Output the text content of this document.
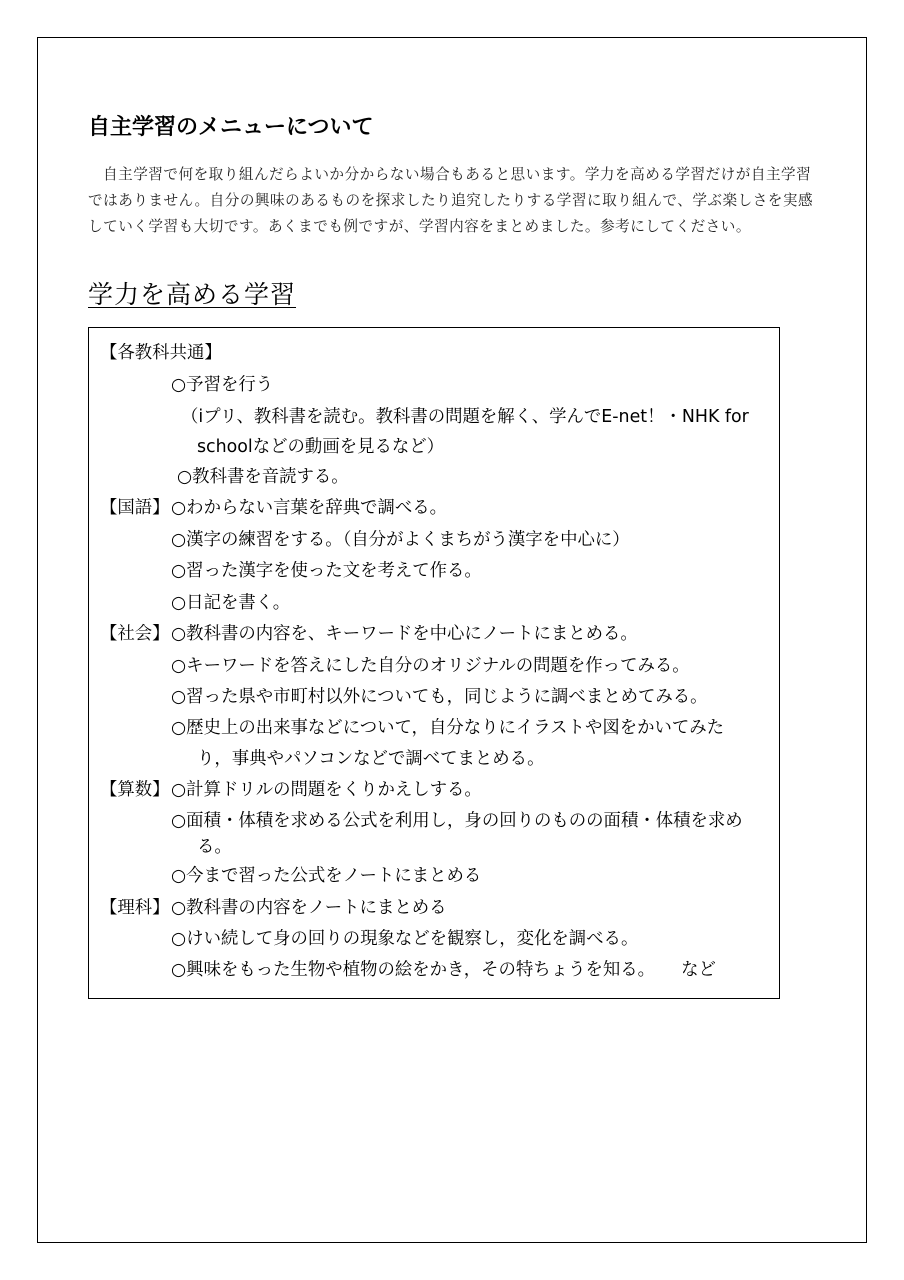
自主学習のメニューについて

自主学習で何を取り組んだらよいか分からない場合もあると思います。学力を高める学習だけが自主学習ではありません。自分の興味のあるものを探求したり追究したりする学習に取り組んで、学ぶ楽しさを実感していく学習も大切です。あくまでも例ですが、学習内容をまとめました。参考にしてください。

学力を高める学習
【各教科共通】
○予習を行う
（iプリ、教科書を読む。教科書の問題を解く、学んでE-net！・NHK for
schoolなどの動画を見るなど）
○教科書を音読する。
【国語】 ○わからない言葉を辞典で調べる。
○漢字の練習をする。（自分がよくまちがう漢字を中心に）
○習った漢字を使った文を考えて作る。
○日記を書く。
【社会】 ○教科書の内容を、キーワードを中心にノートにまとめる。
○キーワードを答えにした自分のオリジナルの問題を作ってみる。
○習った県や市町村以外についても，同じように調べまとめてみる。
○歴史上の出来事などについて，自分なりにイラストや図をかいてみた
り，事典やパソコンなどで調べてまとめる。
【算数】 ○計算ドリルの問題をくりかえしする。
○面積・体積を求める公式を利用し，身の回りのものの面積・体積を求め
る。
○今まで習った公式をノートにまとめる
【理科】 ○教科書の内容をノートにまとめる
○けい続して身の回りの現象などを観察し，変化を調べる。
○興味をもった生物や植物の絵をかき，その特ちょうを知る。　　など
